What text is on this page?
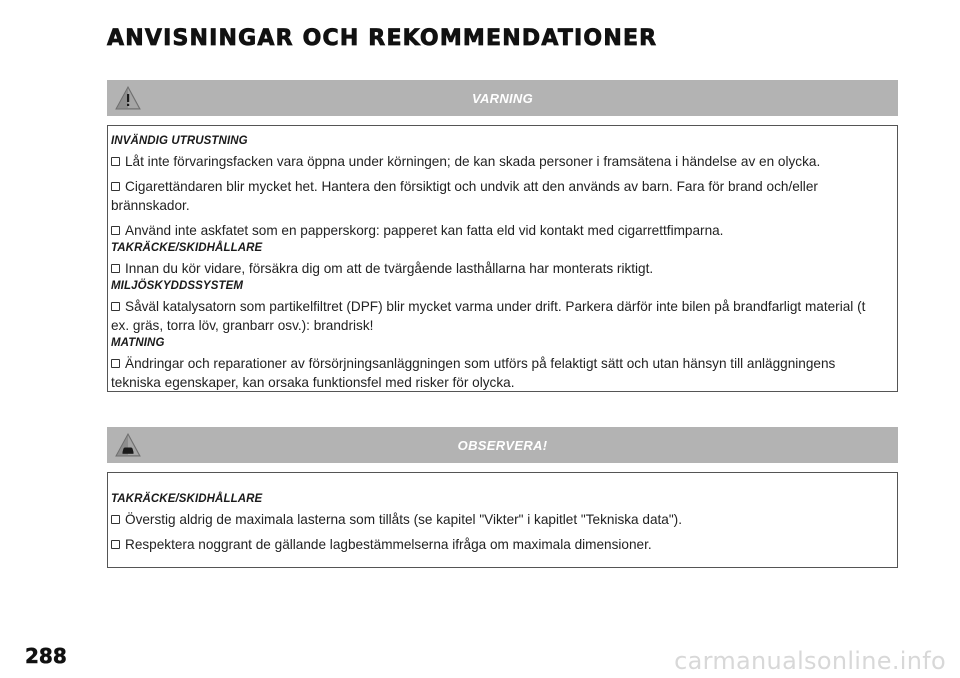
ANVISNINGAR OCH REKOMMENDATIONER
VARNING
INVÄNDIG UTRUSTNING

Låt inte förvaringsfacken vara öppna under körningen; de kan skada personer i framsätena i händelse av en olycka.

Cigarettändaren blir mycket het. Hantera den försiktigt och undvik att den används av barn. Fara för brand och/eller brännskador.

Använd inte askfatet som en papperskorg: papperet kan fatta eld vid kontakt med cigarrettfimparna.

TAKRÄCKE/SKIDHÅLLARE

Innan du kör vidare, försäkra dig om att de tvärgående lasthållarna har monterats riktigt.

MILJÖSKYDDSSYSTEM

Såväl katalysatorn som partikelfiltret (DPF) blir mycket varma under drift. Parkera därför inte bilen på brandfarligt material (t ex. gräs, torra löv, granbarr osv.): brandrisk!

MATNING

Ändringar och reparationer av försörjningsanläggningen som utförs på felaktigt sätt och utan hänsyn till anläggningens tekniska egenskaper, kan orsaka funktionsfel med risker för olycka.

OBSERVERA!
TAKRÄCKE/SKIDHÅLLARE

Överstig aldrig de maximala lasterna som tillåts (se kapitel "Vikter" i kapitlet "Tekniska data").

Respektera noggrant de gällande lagbestämmelserna ifråga om maximala dimensioner.

288	carmanualsonline.info
